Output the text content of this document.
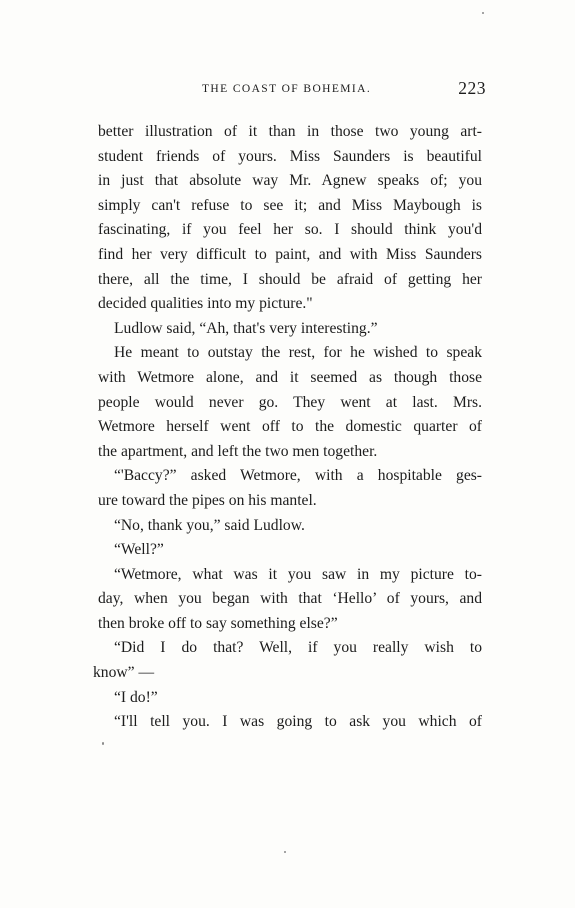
THE COAST OF BOHEMIA.	223
better illustration of it than in those two young art-
student friends of yours. Miss Saunders is beautiful
in just that absolute way Mr. Agnew speaks of; you
simply can't refuse to see it; and Miss Maybough is
fascinating, if you feel her so. I should think you'd
find her very difficult to paint, and with Miss Saunders
there, all the time, I should be afraid of getting her
decided qualities into my picture."
Ludlow said, “Ah, that's very interesting.”
He meant to outstay the rest, for he wished to speak
with Wetmore alone, and it seemed as though those
people would never go. They went at last. Mrs.
Wetmore herself went off to the domestic quarter of
the apartment, and left the two men together.
“'Baccy?” asked Wetmore, with a hospitable ges-
ure toward the pipes on his mantel.
“No, thank you,” said Ludlow.
“Well?”
“Wetmore, what was it you saw in my picture to-
day, when you began with that ‘Hello’ of yours, and
then broke off to say something else?”
“Did I do that? Well, if you really wish to
know” —
“I do!”
“I'll tell you. I was going to ask you which of
